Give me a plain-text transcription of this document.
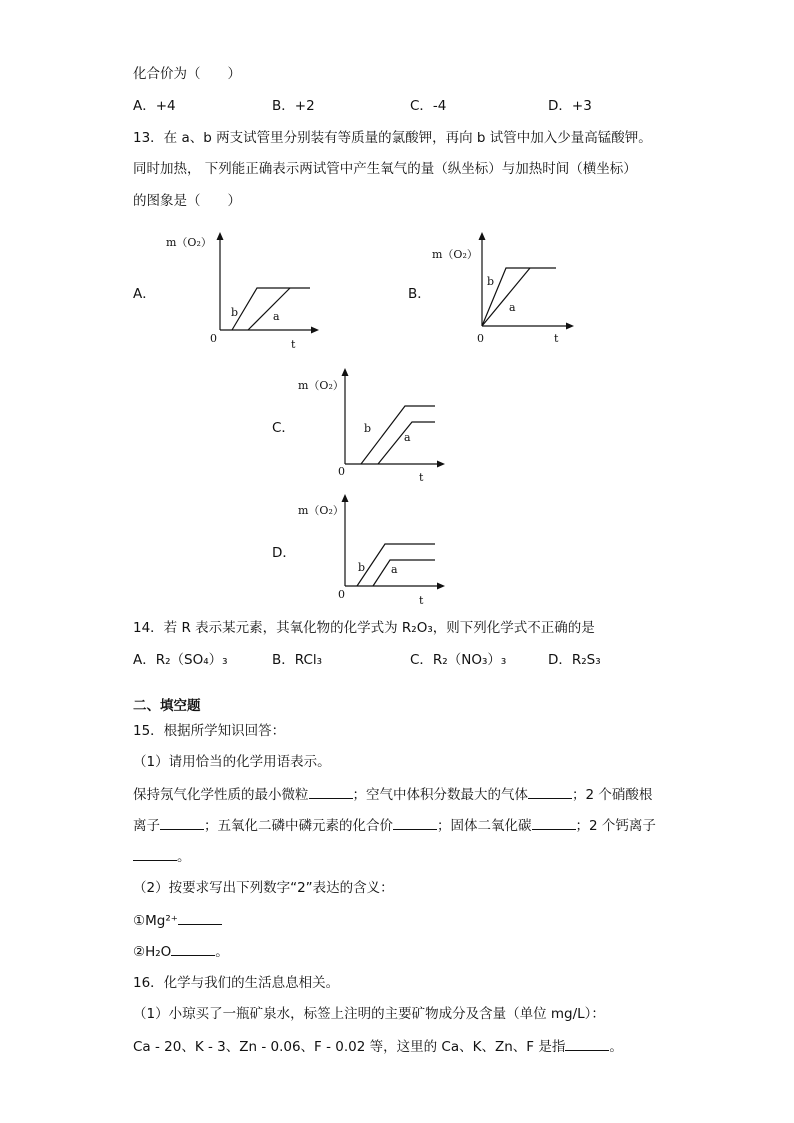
化合价为（　　）
A．+4	B．+2	C．-4	D．+3
13．在 a、b 两支试管里分别装有等质量的氯酸钾，再向 b 试管中加入少量高锰酸钾。
同时加热， 下列能正确表示两试管中产生氧气的量（纵坐标）与加热时间（横坐标）
的图象是（　　）
A．
m（O₂）
0	t
b	a
B．
m（O₂）
0	t
b
a
C．
m（O₂）
0	t
b
a
D．
m（O₂）
0	t
b a
14．若 R 表示某元素，其氧化物的化学式为 R₂O₃，则下列化学式不正确的是
A．R₂（SO₄）₃	B．RCl₃	C．R₂（NO₃）₃	D．R₂S₃
二、填空题
15．根据所学知识回答：
（1）请用恰当的化学用语表示。
保持氖气化学性质的最小微粒	；空气中体积分数最大的气体	；2 个硝酸根
离子	；五氧化二磷中磷元素的化合价	；固体二氧化碳	；2 个钙离子
。
（2）按要求写出下列数字“2”表达的含义：
①Mg²⁺
②H₂O	。
16．化学与我们的生活息息相关。
（1）小琼买了一瓶矿泉水，标签上注明的主要矿物成分及含量（单位 mg/L）：
Ca - 20、K - 3、Zn - 0.06、F - 0.02 等，这里的 Ca、K、Zn、F 是指	。
